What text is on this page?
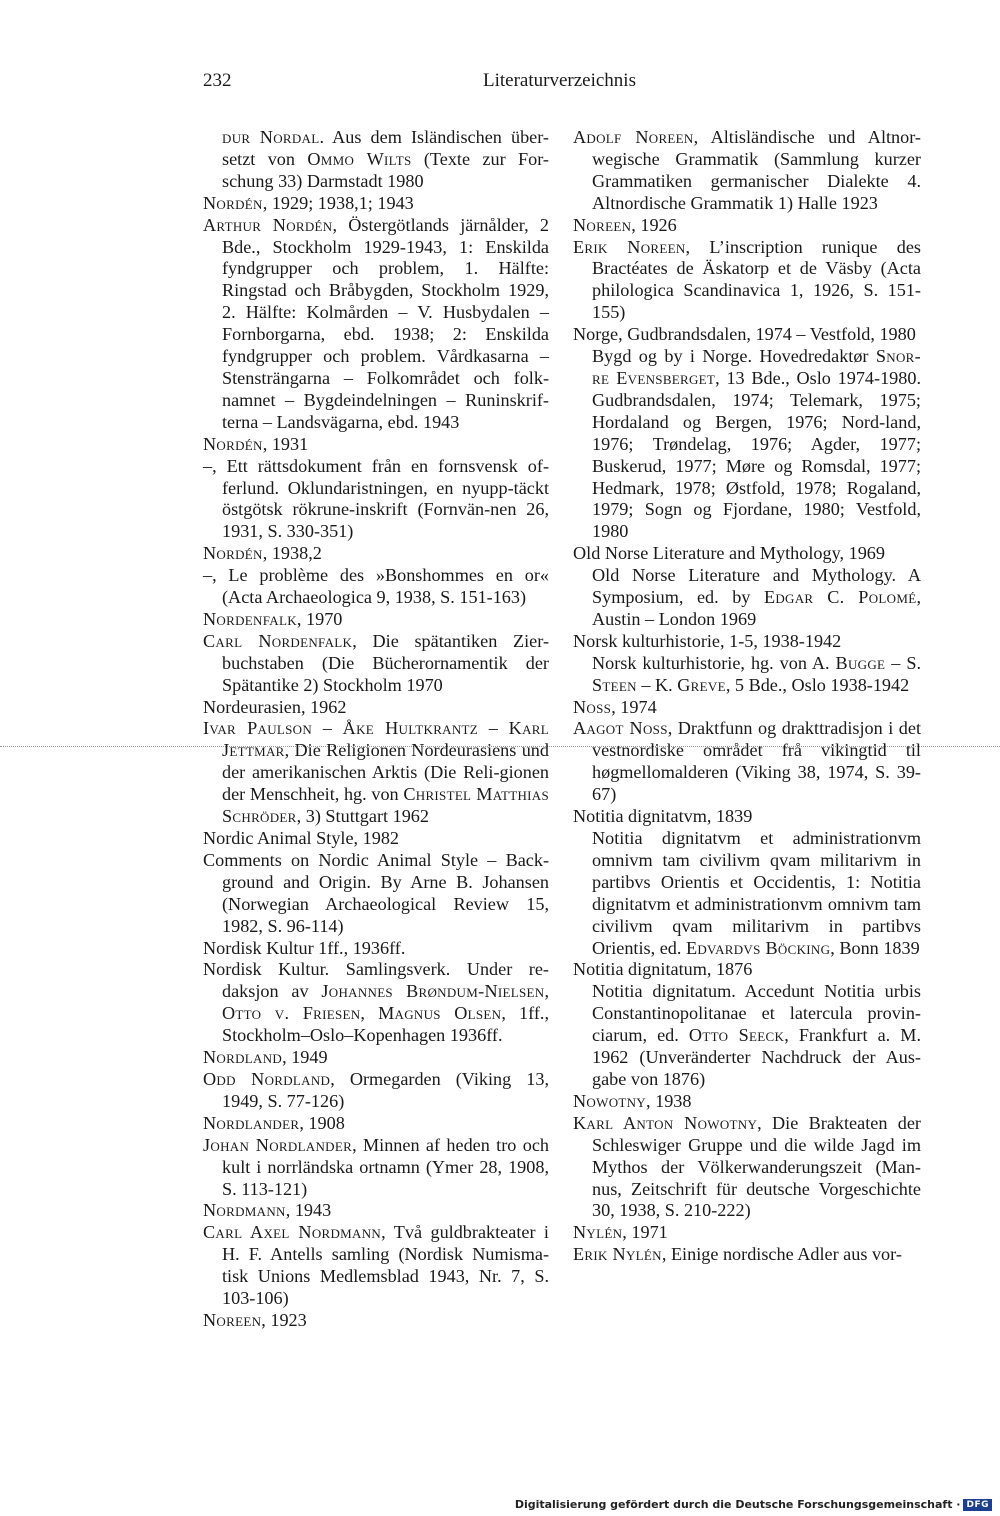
232	Literaturverzeichnis
dur Nordal. Aus dem Isländischen über-setzt von Ommo Wilts (Texte zur For-schung 33) Darmstadt 1980
Nordén, 1929; 1938,1; 1943
Arthur Nordén, Östergötlands järnålder, 2 Bde., Stockholm 1929-1943, 1: Enskilda fyndgrupper och problem, 1. Hälfte: Ringstad och Bråbygden, Stockholm 1929, 2. Hälfte: Kolmården – V. Husbydalen – Fornborgarna, ebd. 1938; 2: Enskilda fyndgrupper och problem. Vårdkasarna – Stensträngarna – Folkområdet och folk-namnet – Bygdeindelningen – Runinskrif-terna – Landsvägarna, ebd. 1943
Nordén, 1931
–, Ett rättsdokument från en fornsvensk of-ferlund. Oklundaristningen, en nyupp-täckt östgötsk rökrune-inskrift (Fornvän-nen 26, 1931, S. 330-351)
Nordén, 1938,2
–, Le problème des »Bonshommes en or« (Acta Archaeologica 9, 1938, S. 151-163)
Nordenfalk, 1970
Carl Nordenfalk, Die spätantiken Zier-buchstaben (Die Bücherornamentik der Spätantike 2) Stockholm 1970
Nordeurasien, 1962
Ivar Paulson – Åke Hultkrantz – Karl Jettmar, Die Religionen Nordeurasiens und der amerikanischen Arktis (Die Reli-gionen der Menschheit, hg. von Christel Matthias Schröder, 3) Stuttgart 1962
Nordic Animal Style, 1982
Comments on Nordic Animal Style – Back-ground and Origin. By Arne B. Johansen (Norwegian Archaeological Review 15, 1982, S. 96-114)
Nordisk Kultur 1ff., 1936ff.
Nordisk Kultur. Samlingsverk. Under re-daksjon av Johannes Brøndum-Nielsen, Otto v. Friesen, Magnus Olsen, 1ff., Stockholm–Oslo–Kopenhagen 1936ff.
Nordland, 1949
Odd Nordland, Ormegarden (Viking 13, 1949, S. 77-126)
Nordlander, 1908
Johan Nordlander, Minnen af heden tro och kult i norrländska ortnamn (Ymer 28, 1908, S. 113-121)
Nordmann, 1943
Carl Axel Nordmann, Två guldbrakteater i H. F. Antells samling (Nordisk Numisma-tisk Unions Medlemsblad 1943, Nr. 7, S. 103-106)
Noreen, 1923
Adolf Noreen, Altisländische und Altnor-wegische Grammatik (Sammlung kurzer Grammatiken germanischer Dialekte 4. Altnordische Grammatik 1) Halle 1923
Noreen, 1926
Erik Noreen, L’inscription runique des Bractéates de Äskatorp et de Väsby (Acta philologica Scandinavica 1, 1926, S. 151-155)
Norge, Gudbrandsdalen, 1974 – Vestfold, 1980
Bygd og by i Norge. Hovedredaktør Snor-re Evensberget, 13 Bde., Oslo 1974-1980. Gudbrandsdalen, 1974; Telemark, 1975; Hordaland og Bergen, 1976; Nord-land, 1976; Trøndelag, 1976; Agder, 1977; Buskerud, 1977; Møre og Romsdal, 1977; Hedmark, 1978; Østfold, 1978; Rogaland, 1979; Sogn og Fjordane, 1980; Vestfold, 1980
Old Norse Literature and Mythology, 1969
Old Norse Literature and Mythology. A Symposium, ed. by Edgar C. Polomé, Austin – London 1969
Norsk kulturhistorie, 1-5, 1938-1942
Norsk kulturhistorie, hg. von A. Bugge – S. Steen – K. Greve, 5 Bde., Oslo 1938-1942
Noss, 1974
Aagot Noss, Draktfunn og drakttradisjon i det vestnordiske området frå vikingtid til høgmellomalderen (Viking 38, 1974, S. 39-67)
Notitia dignitatvm, 1839
Notitia dignitatvm et administrationvm omnivm tam civilivm qvam militarivm in partibvs Orientis et Occidentis, 1: Notitia dignitatvm et administrationvm omnivm tam civilivm qvam militarivm in partibvs Orientis, ed. Edvardvs Böcking, Bonn 1839
Notitia dignitatum, 1876
Notitia dignitatum. Accedunt Notitia urbis Constantinopolitanae et latercula provin-ciarum, ed. Otto Seeck, Frankfurt a. M. 1962 (Unveränderter Nachdruck der Aus-gabe von 1876)
Nowotny, 1938
Karl Anton Nowotny, Die Brakteaten der Schleswiger Gruppe und die wilde Jagd im Mythos der Völkerwanderungszeit (Man-nus, Zeitschrift für deutsche Vorgeschichte 30, 1938, S. 210-222)
Nylén, 1971
Erik Nylén, Einige nordische Adler aus vor-
Digitalisierung gefördert durch die Deutsche Forschungsgemeinschaft · DFG
